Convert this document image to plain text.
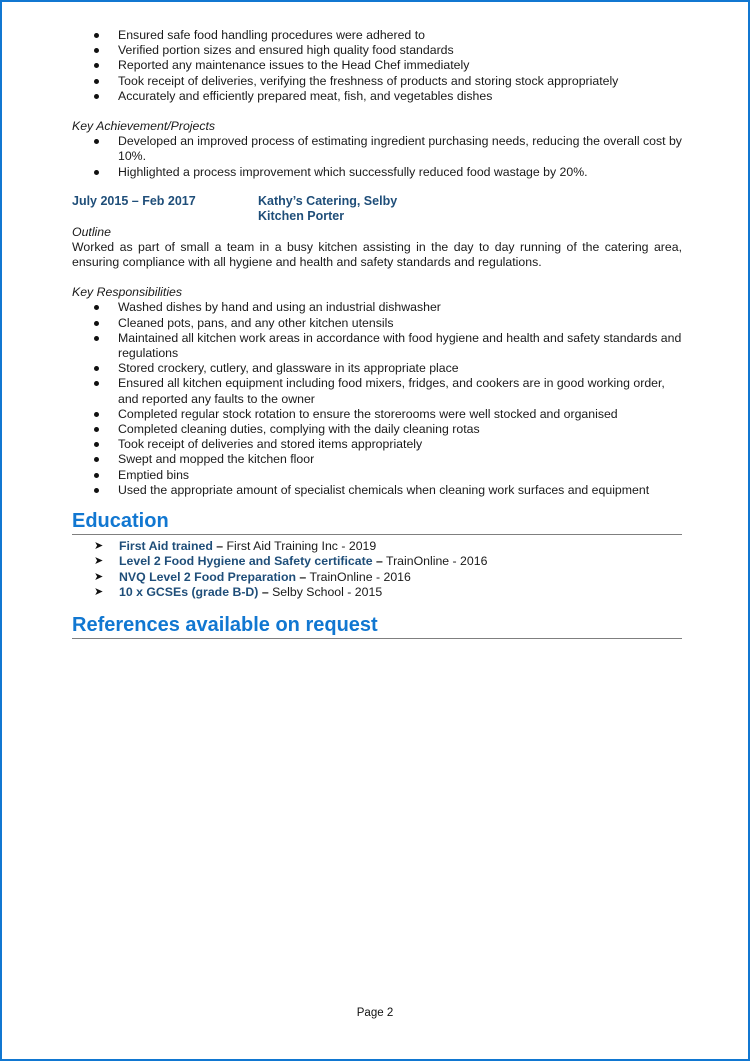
Ensured safe food handling procedures were adhered to
Verified portion sizes and ensured high quality food standards
Reported any maintenance issues to the Head Chef immediately
Took receipt of deliveries, verifying the freshness of products and storing stock appropriately
Accurately and efficiently prepared meat, fish, and vegetables dishes

Key Achievement/Projects

Developed an improved process of estimating ingredient purchasing needs, reducing the overall cost by 10%.
Highlighted a process improvement which successfully reduced food wastage by 20%.
July 2015 – Feb 2017	Kathy’s Catering, Selby
Kitchen Porter

Outline

Worked as part of small a team in a busy kitchen assisting in the day to day running of the catering area, ensuring compliance with all hygiene and health and safety standards and regulations.

Key Responsibilities

Washed dishes by hand and using an industrial dishwasher
Cleaned pots, pans, and any other kitchen utensils
Maintained all kitchen work areas in accordance with food hygiene and health and safety standards and regulations
Stored crockery, cutlery, and glassware in its appropriate place
Ensured all kitchen equipment including food mixers, fridges, and cookers are in good working order, and reported any faults to the owner
Completed regular stock rotation to ensure the storerooms were well stocked and organised
Completed cleaning duties, complying with the daily cleaning rotas
Took receipt of deliveries and stored items appropriately
Swept and mopped the kitchen floor
Emptied bins
Used the appropriate amount of specialist chemicals when cleaning work surfaces and equipment
Education
➤ First Aid trained – First Aid Training Inc - 2019
➤ Level 2 Food Hygiene and Safety certificate – TrainOnline - 2016
➤ NVQ Level 2 Food Preparation – TrainOnline - 2016
➤ 10 x GCSEs (grade B-D) – Selby School - 2015
References available on request
Page 2
